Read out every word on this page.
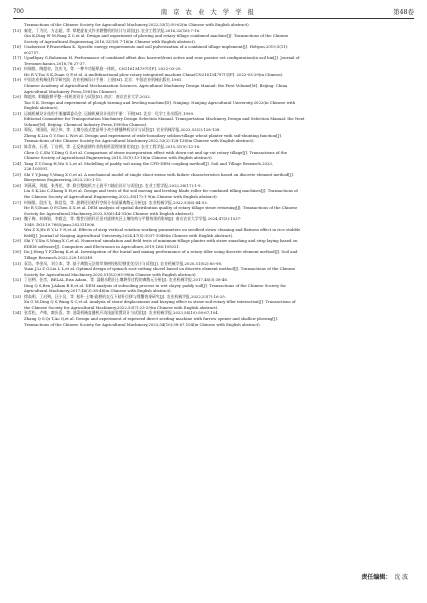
700	南 京 农 业 大 学 学 报	第48卷
Transactions of the Chinese Society for Agricultural Machinery,2022,53(1):50-62(in Chinese with English abstract).
[15] 秦宽，丁为民，方志超，等. 犁耙旋复式作业耕整机的设计与试验[J]. 农业工程学报,2016,32(16):7-16.
Qin K,Ding W M,Fang Z C,et al. Design and experiment of plowing and rotary tillage combined machine[J]. Transactions of the Chinese
Society of Agricultural Engineering,2016,32(16):7-16(in Chinese with English abstract).
[16] Usaborisut P,Prasertkan K. Specific energy requirements and soil pulverization of a combined tillage implement[J]. Heliyon,2019,5(11):
e02757.
[17] Upadhyay G,Raheman H. Performance of combined offset disc harrow(front active and rear passive set configuration)in soil bin[J]. Journal of
Terramechanics,2018,78:27-37.
[18] 何瑞银，陶超泉，沈庆飞，等. 一种多功能犁旋一体机，CN216134797U[P]. 2022-03-29.
He R Y,Tao S K,Duan Q F,et al. A multifunctional plow rotary integrated machine,China(CN216134797U)[P]. 2022-03-29(in Chinese).
[19] 中国农业机械化科学研究院. 农业机械设计手册：上册[M]. 北京：中国农业机械出版社,1981.
Chinese Academy of Agricultural Mechanization Sciences. Agricultural Machinery Design Manual: the First Volume[M]. Beijing: China
Agricultural Machinery Press,1981(in Chinese).
[20] 陶超泉. 犁翻旋耕平整一体机的设计与试验[D]. 南京：南京农业大学,2022.
Tao S K. Design and experiment of plough turning and leveling machine[D]. Nanjing: Nanjing Agricultural University,2022(in Chinese with
English abstract).
[21] 运输机械设计选用手册编辑委员会. 运输机械设计选用手册：下册[M]. 北京：化学工业出版社,1999.
Editorial Committee for Transportation Machinery Design Selection Manual. Transportation Machinery Design and Selection Manual: the Next
Volume[M]. Beijing: Chemical Industry Press,1999(in Chinese).
[22] 郑侃，刘国阳，闻立伟，等. 土壤分流式宽苗带小麦少耕播种机设计与试验[J]. 农业机械学报,2022,53(2):128-138.
Zheng K,Liu G Y,Guo L W,et al. Design and experiment of wide-boundary seldom-tillage wheat planter with soil-shunting function[J].
Transactions of the Chinese Society for Agricultural Machinery,2022,53(2):128-138(in Chinese with English abstract).
[23] 陈青春，石勇，丁启朔，等. 正反转旋耕作业的秸秆混埋效果比较[J]. 农业工程学报,2015,31(9):13-18.
Chen Q C,Shi Y,Ding Q S,et al. Comparison of straw incorporation effect with down-cut and up-cut rotary tillage[J]. Transactions of the
Chinese Society of Agricultural Engineering,2015,31(9):13-18(in Chinese with English abstract).
[24] Tang Z Y,Gong H,Wu S L,et al. Modelling of paddy soil using the CFD-DEM coupling method[J]. Soil and Tillage Research,2023,
226:105591.
[25] Shi Y Y,Jiang Y,Wang X C,et al. A mechanical model of single shoot stems with failure characteristics based on discrete element method[J].
Biosystems Engineering,2023,230:1-15.
[26] 刘燕燕，刘超，张秀花，等. 联合整地机刀土旋平刀输出设计与试验[J]. 农业工程学报,2022,38(17):1-9.
Liu S K,Liu C,Zhang X H,et al. Design and tests of the soil moving and leveling blade roller for combined tilling machines[J]. Transactions of
the Chinese Society of Agricultural Engineering,2022,38(17):1-9(in Chinese with English abstract).
[27] 何瑞银，段庆飞，陈信信，等. 旋耕还田秸秆空间分布质量离散元分析[J]. 农业机械学报,2022,53(6):44-53.
He R Y,Duan Q F,Chen X X,et al. DEM analysis of spatial distribution quality of rotary tillage straw returning[J]. Transactions of the Chinese
Society for Agricultural Machinery,2022,53(6):44-53(in Chinese with English abstract).
[28] 魏子梅，何瑞银，李毅念，等. 稻茬田秸秆还田对旋耕麦区土壤结构与平整效果的影响[J]. 南京农业大学学报,2024,47(5):1037-
1048. DOI:10.7685/jnau.202311006.
Wei Z X,He R Y,Li Y N,et al. Effects of strip vertical rotation working parameters on seedbed straw cleaning and flatness effect in rice stubble
field[J]. Journal of Nanjing Agricultural University,2024,47(5):1037-1048(in Chinese with English abstract).
[29] Shi Y Y,Xin S,Wang X C,et al. Numerical simulation and field tests of minimum-tillage planter with straw smashing and strip laying based on
EDEM software[J]. Computers and Electronics in Agriculture,2019,166:105021.
[30] Du J,Heng Y F,Zheng K,et al. Investigation of the burial and mixing performance of a rotary tiller using discrete element method[J]. Soil and
Tillage Research,2022,220:105349.
[31] 袁浩，李金凤，刘立本，等. 基于离散元法的苹果树枝根切割优化设计与试验[J]. 农业机械学报,2020,51(S2):85-98.
Yuan J,Li Z G,Liu L L,et al. Optimal design of spinach root-cutting shovel based on discrete element method[J]. Transactions of the Chinese
Society for Agricultural Machinery,2020,51(S2):85-98(in Chinese with English abstract).
[32] 丁启朔，任彦，BELAL Eisa Adam，等. 湿黏水稻田土壤耕作过程的离散元分析[J]. 农业机械学报,2017,48(3):38-48.
Ding Q S,Ren J,Adam B E,et al. DEM analysis of subsoiling process in wet clayey paddy soil[J]. Transactions of the Chinese Society for
Agricultural Machinery,2017,48(3):38-48(in Chinese with English abstract).
[33] 徐高明，丁启朔，汪小旵，等. 秸秆-土壤-旋耕机交互下秸秆位移与埋覆效果研究[J]. 农业机械学报,2022,53(7):16-25.
Xu G M,Ding Q S,Wang X C,et al. Analysis of straw displacement and burying effect in straw-soil-rotary tiller interaction[J]. Transactions of
the Chinese Society for Agricultural Machinery,2022,53(7):23-29(in Chinese with English abstract).
[34] 张青松，卢帅，廖庆喜，等. 油菜机械直播机开沟浅旋装置设计与试验[J]. 农业机械学报,2023,54(10):58-67,104.
Zhang Q S,Qi T,Ao Q,et al. Design and experiment of rapeseed direct seeding machine with furrow opener and shallow plowing[J].
Transactions of the Chinese Society for Agricultural Machinery,2023,54(10):58-67,104(in Chinese with English abstract).
责任编辑： 沈 波
